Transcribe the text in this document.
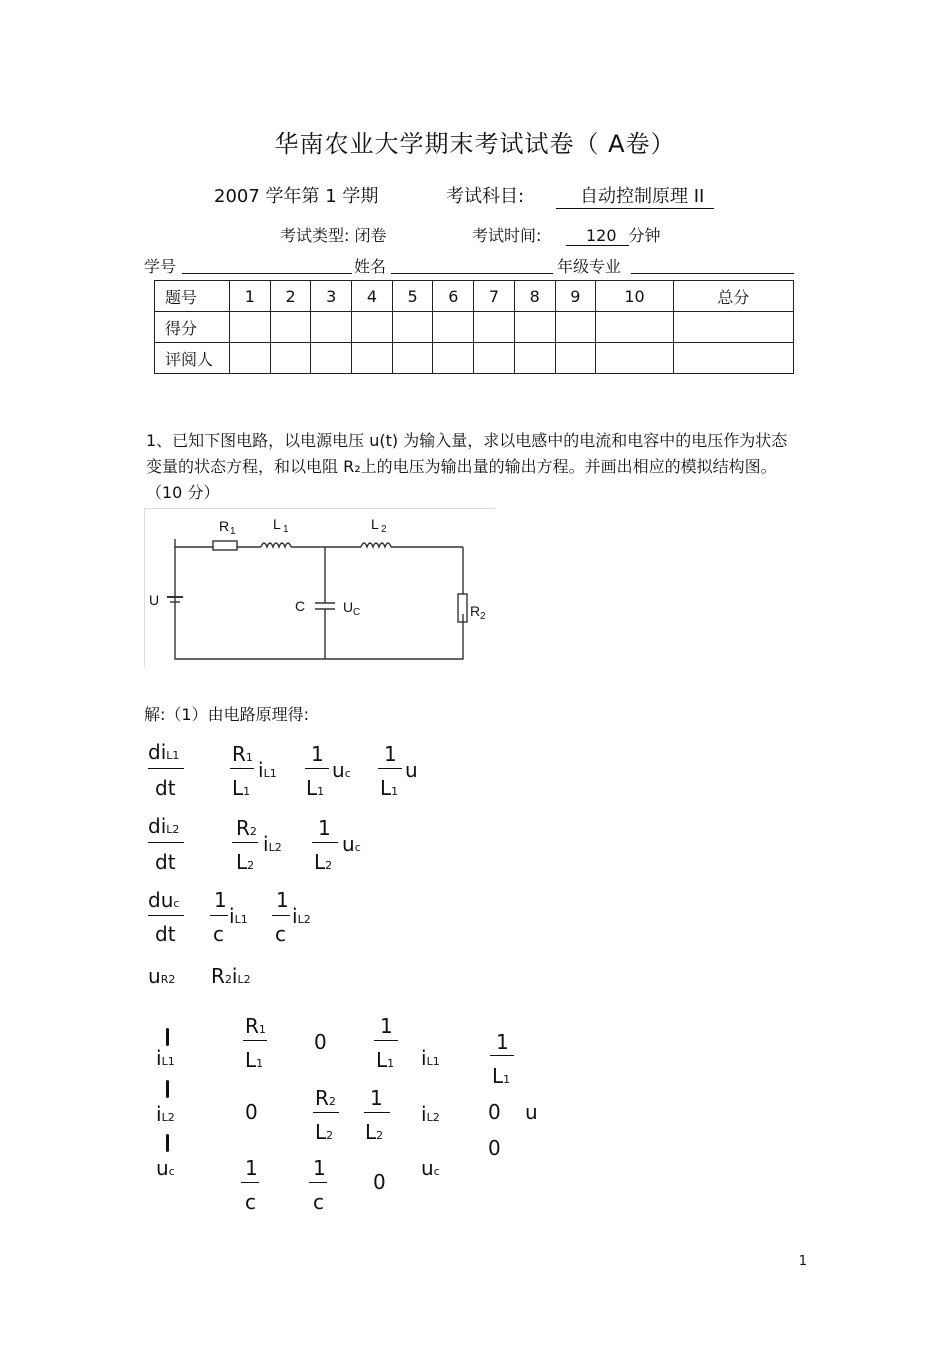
华南农业大学期末考试试卷（ A卷）
2007 学年第 1 学期	考试科目:	自动控制原理 II
考试类型: 闭卷	考试时间:	120 分钟
学号	姓名	年级专业
题号	1	2	3	4	5	6	7	8	9	10	总分
得分											
评阅人											
1、已知下图电路，以电源电压 u(t) 为输入量，求以电感中的电流和电容中的电压作为状态变量的状态方程，和以电阻 R₂上的电压为输出量的输出方程。并画出相应的模拟结构图。（10 分）
R 1	L 1	L 2
U	C	U C	R 2
解:（1）由电路原理得:
diL1
dt
R1
L1
iL1
1
L1
uc
1
L1
u
diL2
dt
R2
L2
iL2
1
L2
uc
duc
dt
1
c
iL1
1
c
iL2
uR2 R2iL2
iL1
iL2
uc
R1
L1
0
1
L1 iL1
1
L1
0
R2
L2
1
L2
iL2 0 u
1
c
1
c
0
uc
0
1
